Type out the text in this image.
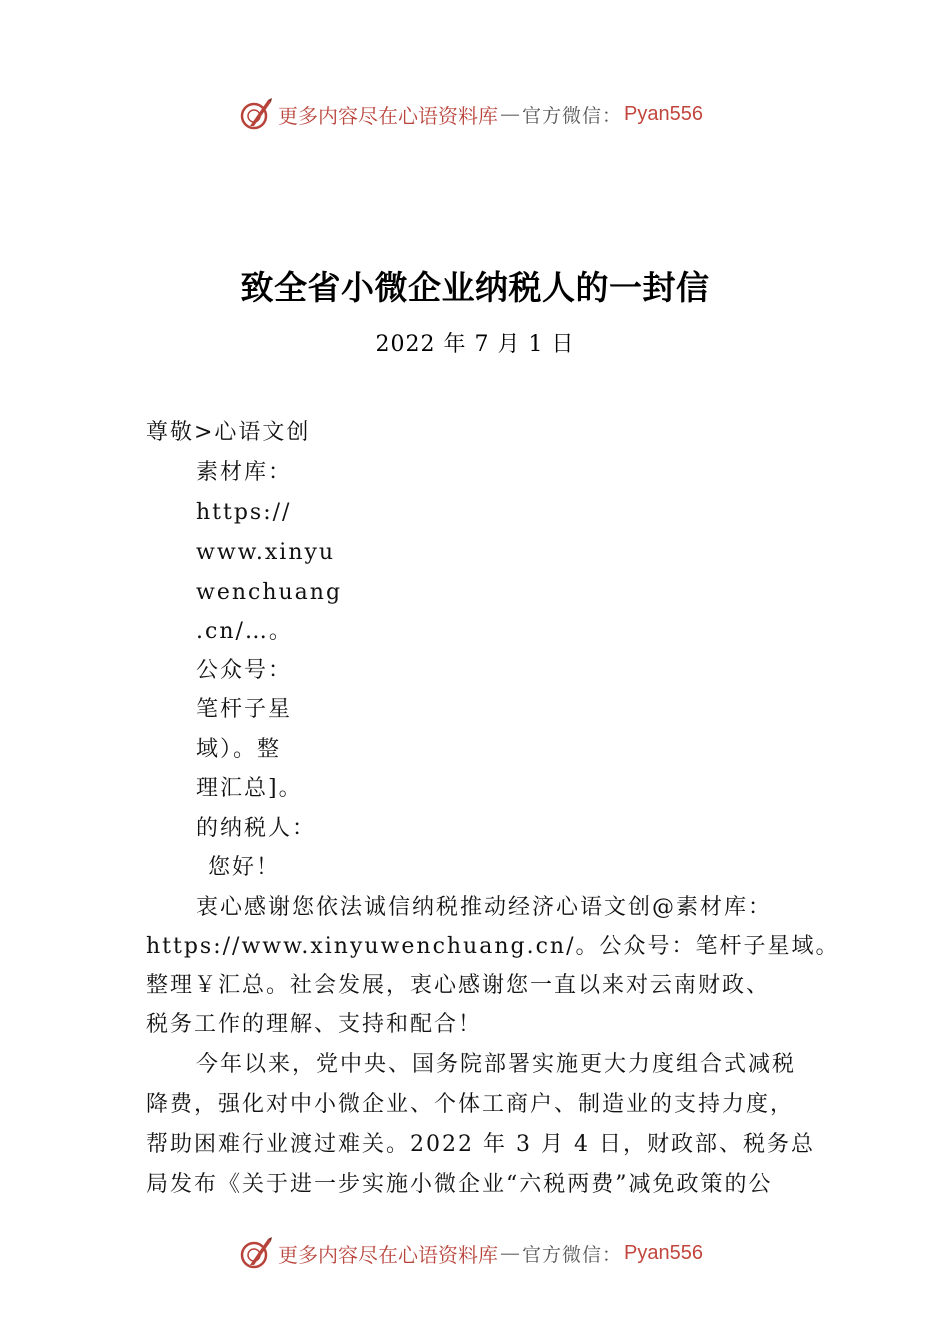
更多内容尽在心语资料库 — 官方微信： Pyan556
致全省小微企业纳税人的一封信
2022 年 7 月 1 日
尊敬>心语文创
素材库：
https://
www.xinyu
wenchuang
.cn/…。
公众号：
笔杆子星
域）。整
理汇总]。
的纳税人：
您好！
衷心感谢您依法诚信纳税推动经济心语文创@素材库：
https://www.xinyuwenchuang.cn/。公众号：笔杆子星域。
整理￥汇总。社会发展，衷心感谢您一直以来对云南财政、
税务工作的理解、支持和配合！
今年以来，党中央、国务院部署实施更大力度组合式减税
降费，强化对中小微企业、个体工商户、制造业的支持力度，
帮助困难行业渡过难关。2022 年 3 月 4 日，财政部、税务总
局发布《关于进一步实施小微企业“六税两费”减免政策的公
更多内容尽在心语资料库 — 官方微信： Pyan556
